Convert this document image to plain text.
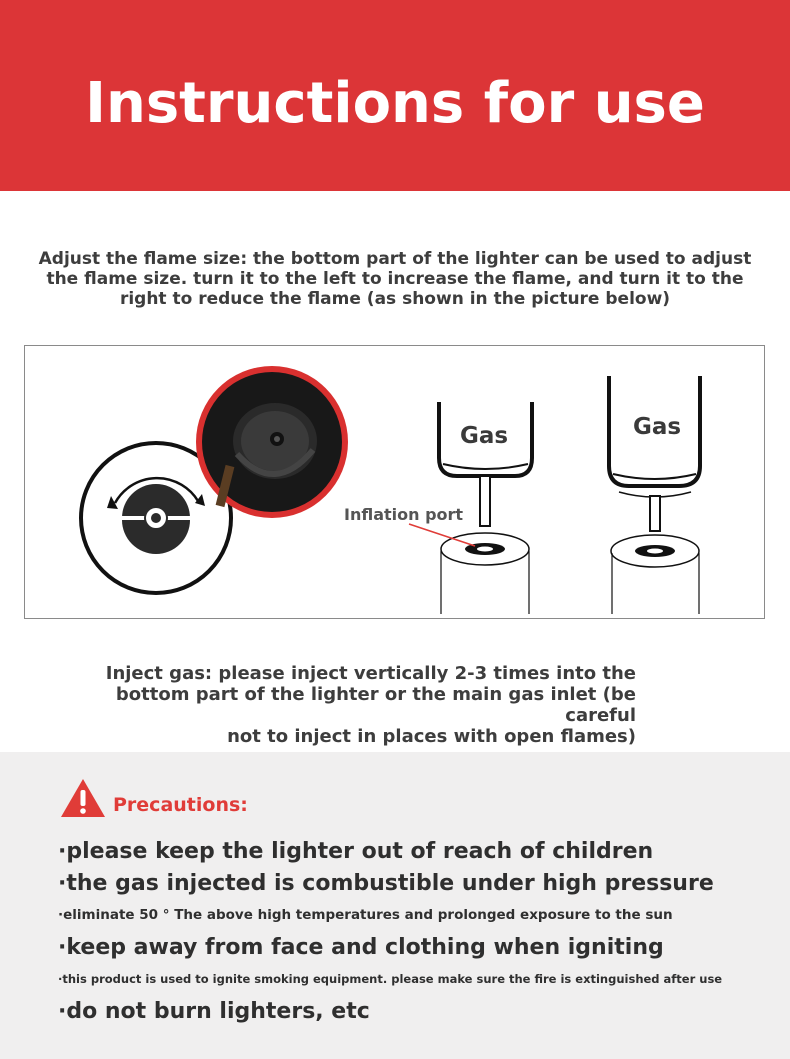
Instructions for use
Adjust the flame size: the bottom part of the lighter can be used to adjust the flame size. turn it to the left to increase the flame, and turn it to the right to reduce the flame (as shown in the picture below)
Gas	Gas
Inflation port
Inject gas: please inject vertically 2-3 times into the
bottom part of the lighter or the main gas inlet (be careful
not to inject in places with open flames)
Precautions:
·please keep the lighter out of reach of children
·the gas injected is combustible under high pressure
·eliminate 50 ° The above high temperatures and prolonged exposure to the sun
·keep away from face and clothing when igniting
·this product is used to ignite smoking equipment. please make sure the fire is extinguished after use
·do not burn lighters, etc
